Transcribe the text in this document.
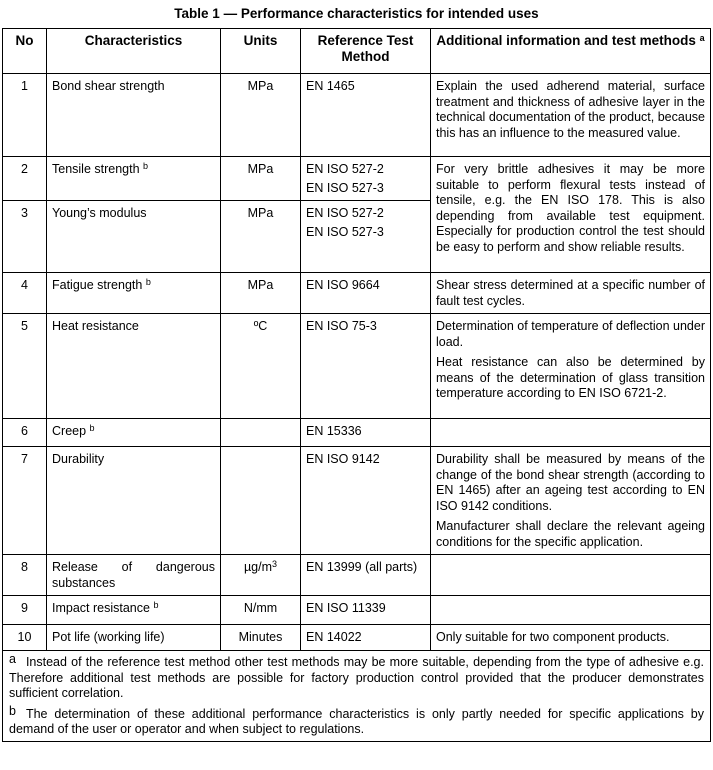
Table 1 — Performance characteristics for intended uses
No	Characteristics	Units	Reference Test Method	Additional information and test methods $^a$
1	Bond shear strength	MPa	EN 1465	Explain the used adherend material, surface treatment and thickness of adhesive layer in the technical documentation of the product, because this has an influence to the measured value.
2	Tensile strength $^b$	MPa	EN ISO 527-2
EN ISO 527-3	For very brittle adhesives it may be more suitable to perform flexural tests instead of tensile, e.g. the EN ISO 178. This is also depending from available test equipment. Especially for production control the test should be easy to perform and show reliable results.
3	Young’s modulus	MPa	EN ISO 527-2
EN ISO 527-3	

4	Fatigue strength $^b$	MPa	EN ISO 9664	Shear stress determined at a specific number of fault test cycles.
5	Heat resistance	ºC	EN ISO 75-3	Determination of temperature of deflection under load.
Heat resistance can also be determined by means of the determination of glass transition temperature according to EN ISO 6721-2.

6	Creep $^b$		EN 15336	
7	Durability		EN ISO 9142	Durability shall be measured by means of the change of the bond shear strength (according to EN 1465) after an ageing test according to EN ISO 9142 conditions.
Manufacturer shall declare the relevant ageing conditions for the specific application.

8	Release of dangerous substances	$\mu g/m^3$	EN 13999 (all parts)	
9	Impact resistance $^b$	N/mm	EN ISO 11339	
10	Pot life (working life)	Minutes	EN 14022	Only suitable for two component products.

a Instead of the reference test method other test methods may be more suitable, depending from the type of adhesive e.g. Therefore additional test methods are possible for factory production control provided that the producer demonstrates sufficient correlation.

b The determination of these additional performance characteristics is only partly needed for specific applications by demand of the user or operator and when subject to regulations.				
